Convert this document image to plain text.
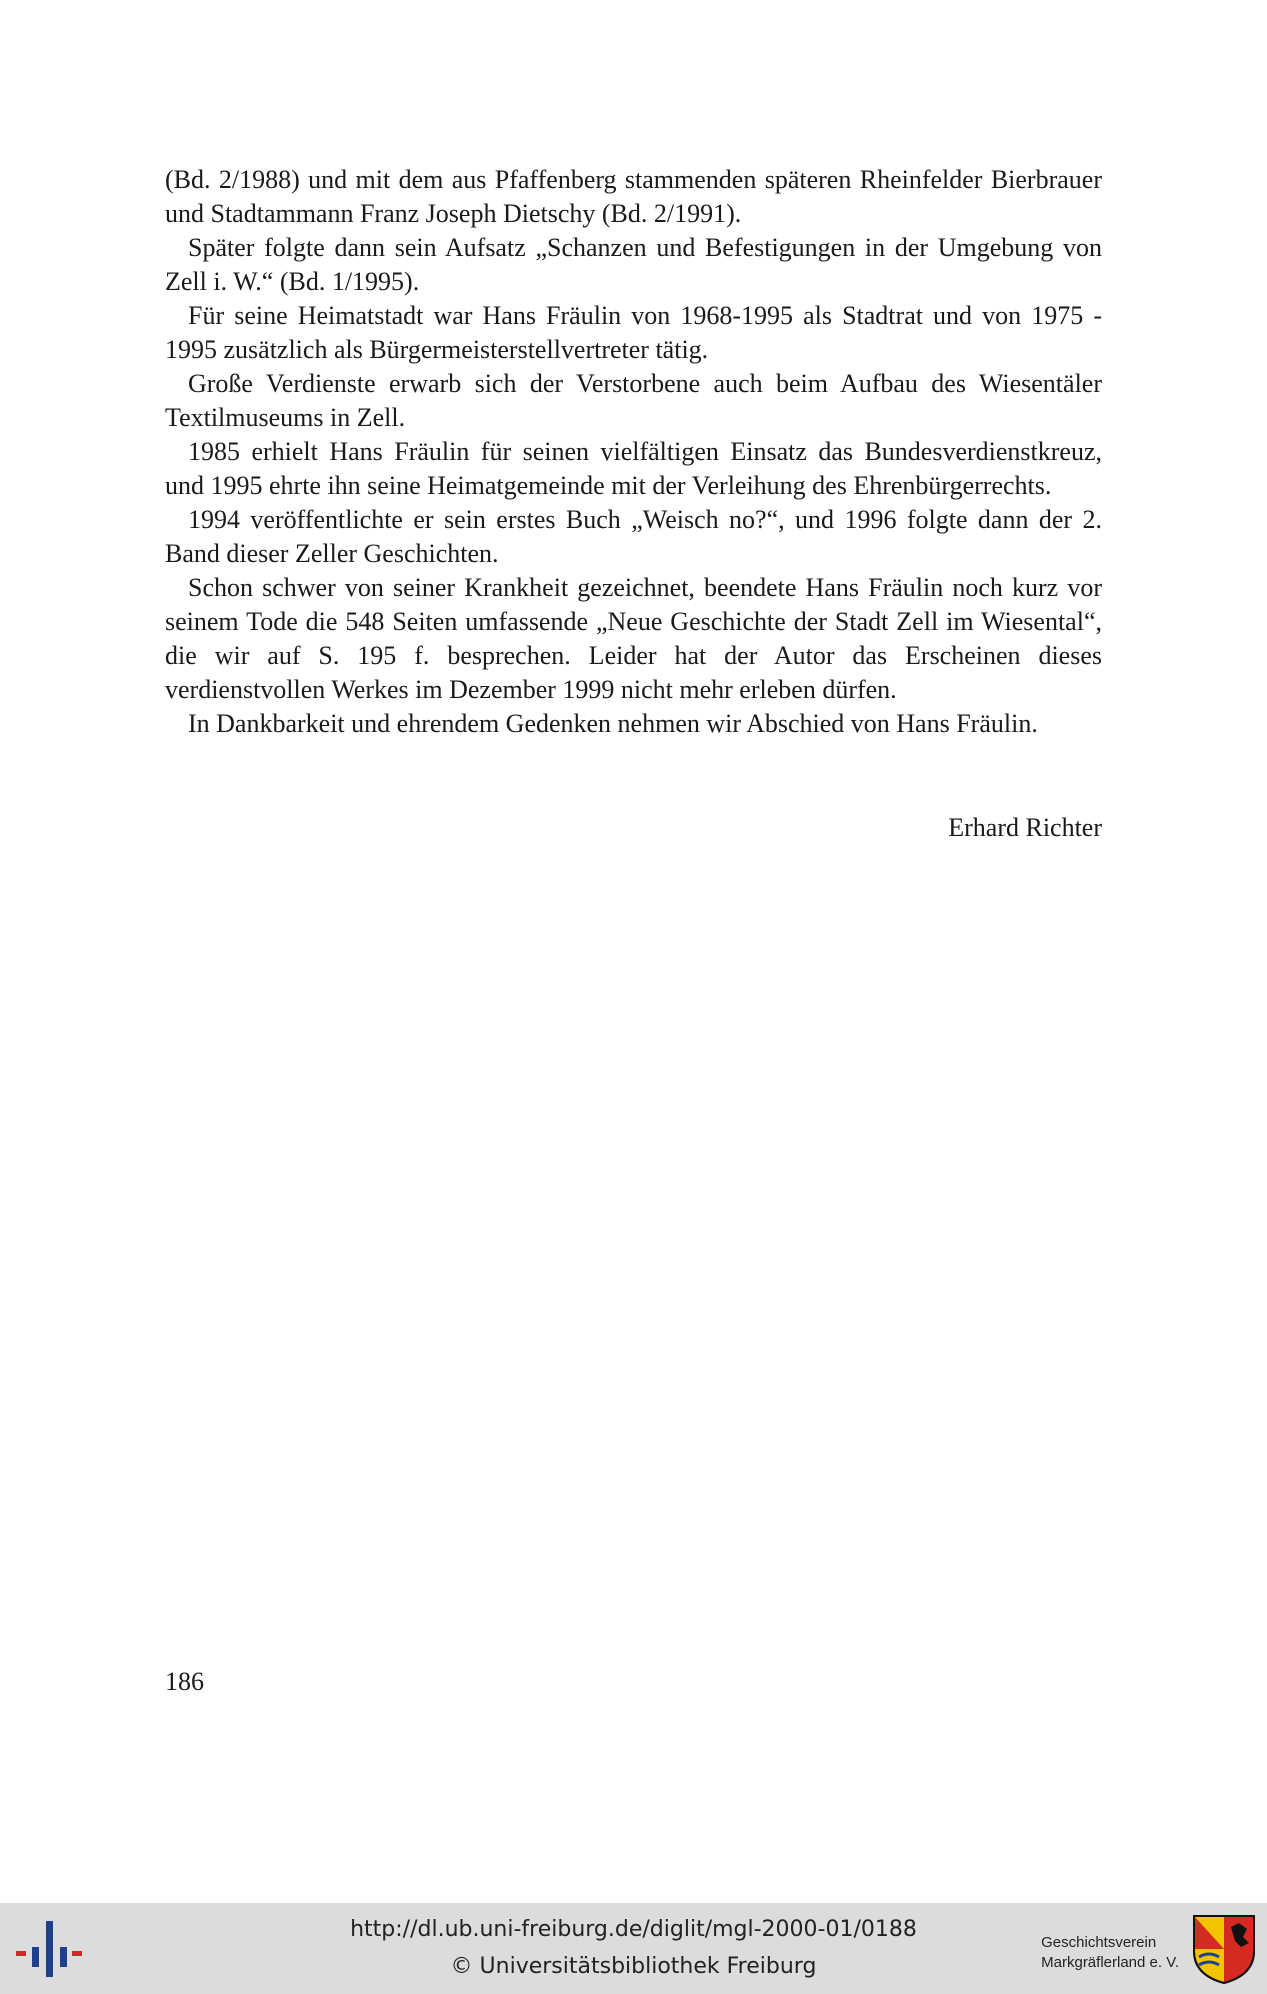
(Bd. 2/1988) und mit dem aus Pfaffenberg stammenden späteren Rheinfelder Bierbrauer und Stadtammann Franz Joseph Dietschy (Bd. 2/1991).

Später folgte dann sein Aufsatz „Schanzen und Befestigungen in der Umgebung von Zell i. W.“ (Bd. 1/1995).

Für seine Heimatstadt war Hans Fräulin von 1968-1995 als Stadtrat und von 1975 - 1995 zusätzlich als Bürgermeisterstellvertreter tätig.

Große Verdienste erwarb sich der Verstorbene auch beim Aufbau des Wiesentäler Textilmuseums in Zell.

1985 erhielt Hans Fräulin für seinen vielfältigen Einsatz das Bundesverdienstkreuz, und 1995 ehrte ihn seine Heimatgemeinde mit der Verleihung des Ehrenbürgerrechts.

1994 veröffentlichte er sein erstes Buch „Weisch no?“, und 1996 folgte dann der 2. Band dieser Zeller Geschichten.

Schon schwer von seiner Krankheit gezeichnet, beendete Hans Fräulin noch kurz vor seinem Tode die 548 Seiten umfassende „Neue Geschichte der Stadt Zell im Wiesental“, die wir auf S. 195 f. besprechen. Leider hat der Autor das Erscheinen dieses verdienstvollen Werkes im Dezember 1999 nicht mehr erleben dürfen.

In Dankbarkeit und ehrendem Gedenken nehmen wir Abschied von Hans Fräulin.

Erhard Richter
186
http://dl.ub.uni-freiburg.de/diglit/mgl-2000-01/0188
© Universitätsbibliothek Freiburg
Geschichtsverein
Markgräflerland e. V.
